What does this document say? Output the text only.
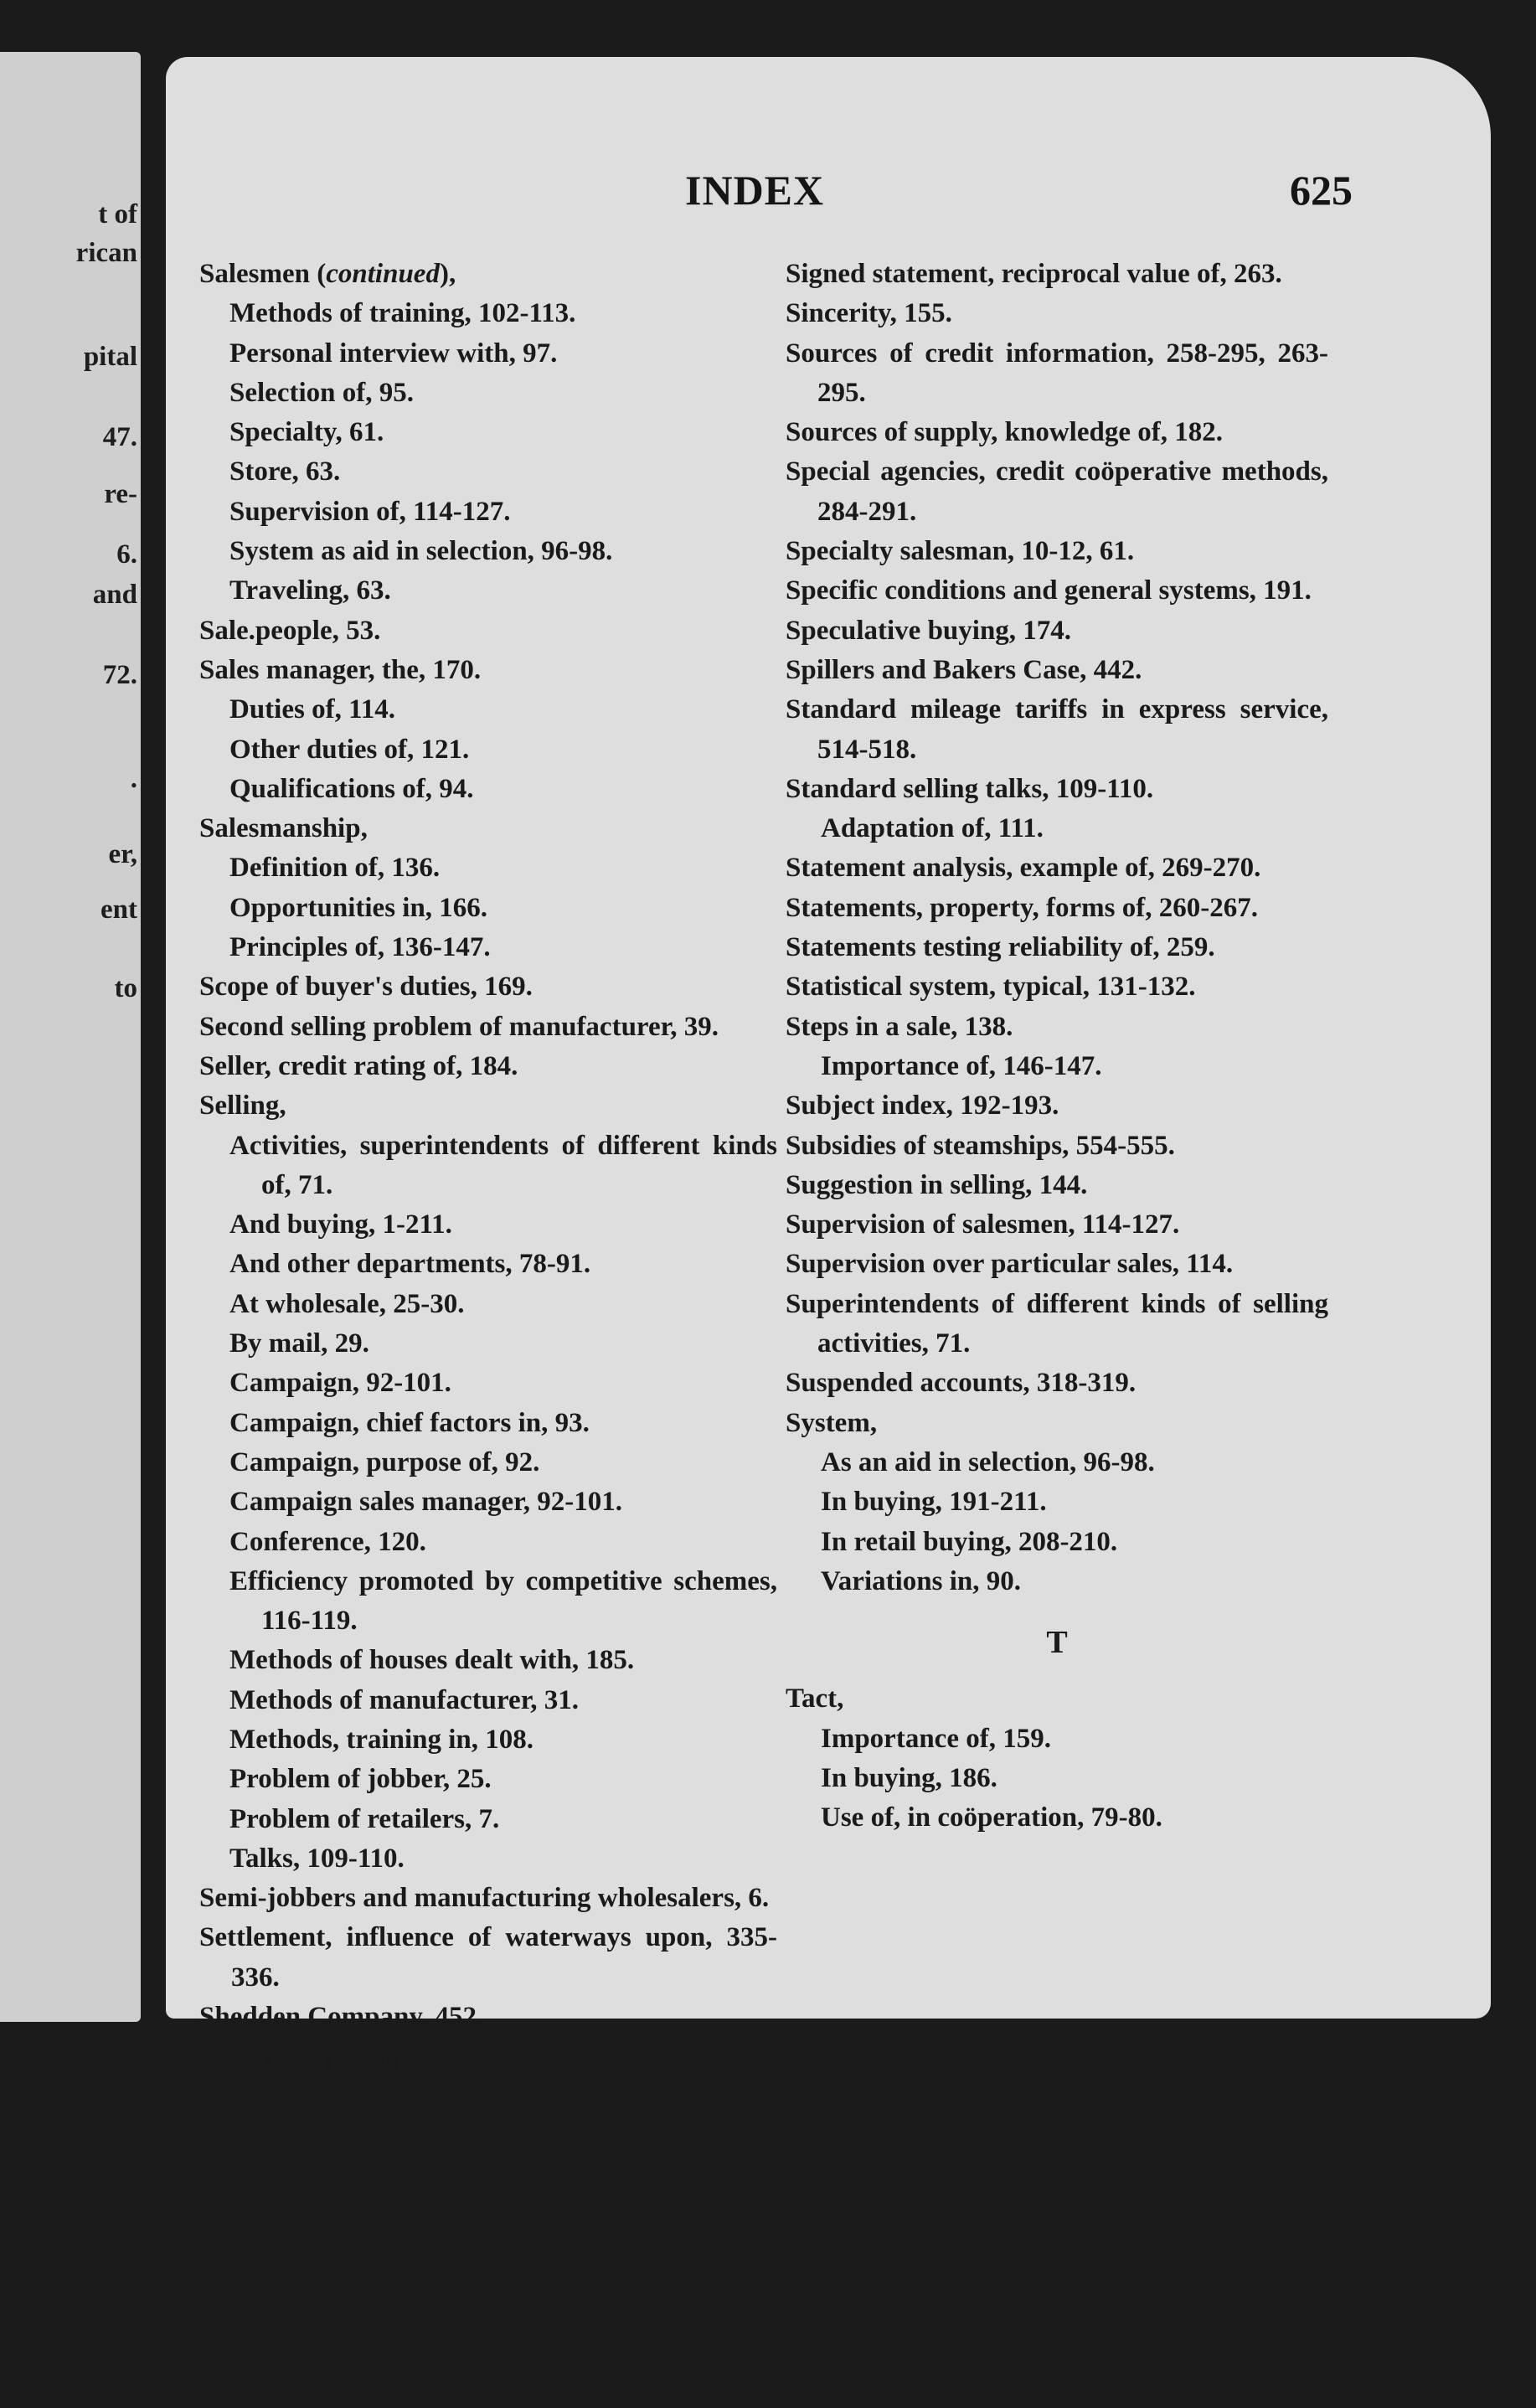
t of
rican
pital
47.
re-
6.
and
72.
.
er,
ent
to
INDEX	625
Salesmen (continued),
Methods of training, 102-113.
Personal interview with, 97.
Selection of, 95.
Specialty, 61.
Store, 63.
Supervision of, 114-127.
System as aid in selection, 96-98.
Traveling, 63.
Sale.people, 53.
Sales manager, the, 170.
Duties of, 114.
Other duties of, 121.
Qualifications of, 94.
Salesmanship,
Definition of, 136.
Opportunities in, 166.
Principles of, 136-147.
Scope of buyer's duties, 169.
Second selling problem of manufacturer, 39.
Seller, credit rating of, 184.
Selling,
Activities, superintendents of different kinds of, 71.
And buying, 1-211.
And other departments, 78-91.
At wholesale, 25-30.
By mail, 29.
Campaign, 92-101.
Campaign, chief factors in, 93.
Campaign, purpose of, 92.
Campaign sales manager, 92-101.
Conference, 120.
Efficiency promoted by competitive schemes, 116-119.
Methods of houses dealt with, 185.
Methods of manufacturer, 31.
Methods, training in, 108.
Problem of jobber, 25.
Problem of retailers, 7.
Talks, 109-110.
Semi-jobbers and manufacturing wholesalers, 6.
Settlement, influence of waterways upon, 335-336.
Shedden Company, 452.
C—III—40
Signed statement, reciprocal value of, 263.
Sincerity, 155.
Sources of credit information, 258-295, 263-295.
Sources of supply, knowledge of, 182.
Special agencies, credit coöperative methods, 284-291.
Specialty salesman, 10-12, 61.
Specific conditions and general systems, 191.
Speculative buying, 174.
Spillers and Bakers Case, 442.
Standard mileage tariffs in express service, 514-518.
Standard selling talks, 109-110.
Adaptation of, 111.
Statement analysis, example of, 269-270.
Statements, property, forms of, 260-267.
Statements testing reliability of, 259.
Statistical system, typical, 131-132.
Steps in a sale, 138.
Importance of, 146-147.
Subject index, 192-193.
Subsidies of steamships, 554-555.
Suggestion in selling, 144.
Supervision of salesmen, 114-127.
Supervision over particular sales, 114.
Superintendents of different kinds of selling activities, 71.
Suspended accounts, 318-319.
System,
As an aid in selection, 96-98.
In buying, 191-211.
In retail buying, 208-210.
Variations in, 90.
T
Tact,
Importance of, 159.
In buying, 186.
Use of, in coöperation, 79-80.
